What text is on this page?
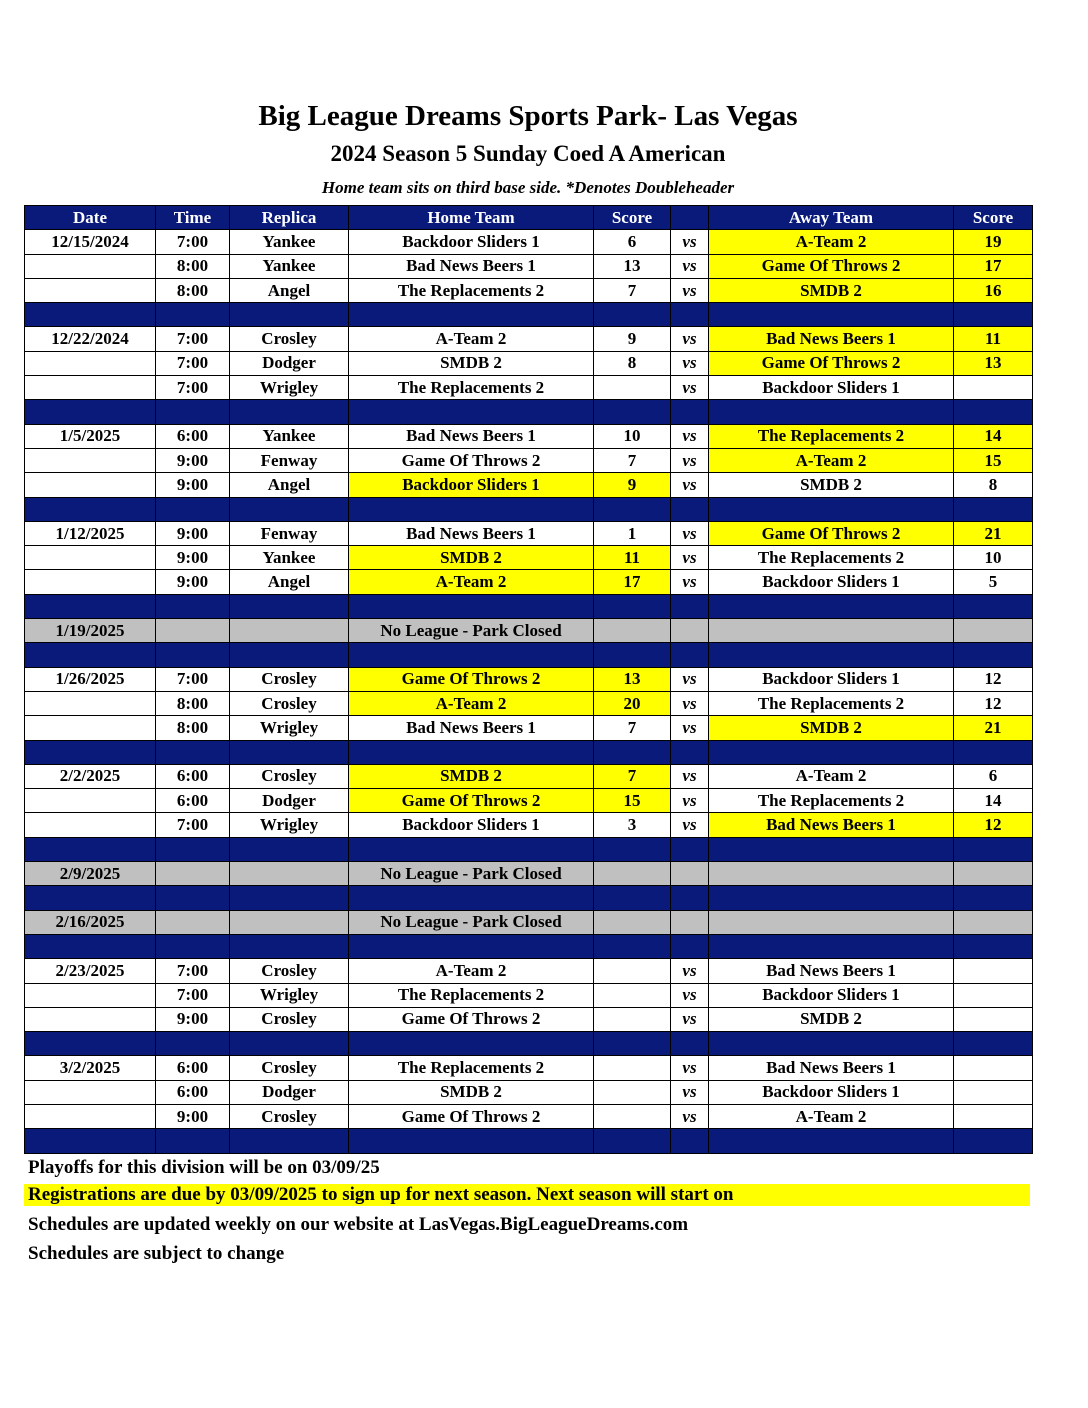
Big League Dreams Sports Park- Las Vegas
2024 Season 5 Sunday Coed A American
Home team sits on third base side. *Denotes Doubleheader
Date	Time	Replica	Home Team	Score		Away Team	Score
12/15/2024	7:00	Yankee	Backdoor Sliders 1	6	vs	A-Team 2	19
	8:00	Yankee	Bad News Beers 1	13	vs	Game Of Throws 2	17
	8:00	Angel	The Replacements 2	7	vs	SMDB 2	16

12/22/2024	7:00	Crosley	A-Team 2	9	vs	Bad News Beers 1	11
	7:00	Dodger	SMDB 2	8	vs	Game Of Throws 2	13
	7:00	Wrigley	The Replacements 2		vs	Backdoor Sliders 1	

1/5/2025	6:00	Yankee	Bad News Beers 1	10	vs	The Replacements 2	14
	9:00	Fenway	Game Of Throws 2	7	vs	A-Team 2	15
	9:00	Angel	Backdoor Sliders 1	9	vs	SMDB 2	8

1/12/2025	9:00	Fenway	Bad News Beers 1	1	vs	Game Of Throws 2	21
	9:00	Yankee	SMDB 2	11	vs	The Replacements 2	10
	9:00	Angel	A-Team 2	17	vs	Backdoor Sliders 1	5

1/19/2025			No League - Park Closed				

1/26/2025	7:00	Crosley	Game Of Throws 2	13	vs	Backdoor Sliders 1	12
	8:00	Crosley	A-Team 2	20	vs	The Replacements 2	12
	8:00	Wrigley	Bad News Beers 1	7	vs	SMDB 2	21

2/2/2025	6:00	Crosley	SMDB 2	7	vs	A-Team 2	6
	6:00	Dodger	Game Of Throws 2	15	vs	The Replacements 2	14
	7:00	Wrigley	Backdoor Sliders 1	3	vs	Bad News Beers 1	12

2/9/2025			No League - Park Closed				

2/16/2025			No League - Park Closed				

2/23/2025	7:00	Crosley	A-Team 2		vs	Bad News Beers 1	
	7:00	Wrigley	The Replacements 2		vs	Backdoor Sliders 1	
	9:00	Crosley	Game Of Throws 2		vs	SMDB 2	

3/2/2025	6:00	Crosley	The Replacements 2		vs	Bad News Beers 1	
	6:00	Dodger	SMDB 2		vs	Backdoor Sliders 1	
	9:00	Crosley	Game Of Throws 2		vs	A-Team 2	

Playoffs for this division will be on 03/09/25
Registrations are due by 03/09/2025 to sign up for next season. Next season will start on
Schedules are updated weekly on our website at LasVegas.BigLeagueDreams.com
Schedules are subject to change
